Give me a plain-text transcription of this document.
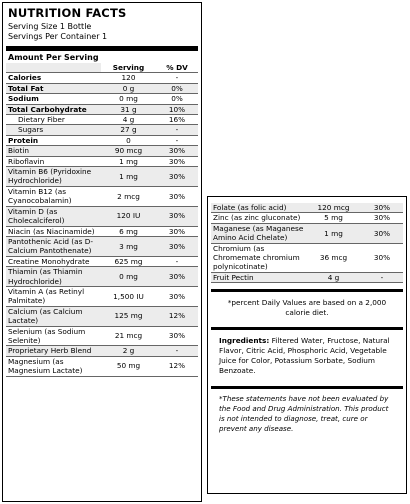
NUTRITION FACTS
Serving Size 1 Bottle
Servings Per Container 1
Amount Per Serving
	Serving	% DV
Calories	120	-
Total Fat	0 g	0%
Sodium	0 mg	0%
Total Carbohydrate	31 g	10%
Dietary Fiber	4 g	16%
Sugars	27 g	-
Protein	0	-
Biotin	90 mcg	30%
Riboflavin	1 mg	30%
Vitamin B6 (Pyridoxine Hydrochloride)	1 mg	30%
Vitamin B12 (as Cyanocobalamin)	2 mcg	30%
Vitamin D (as Cholecalciferol)	120 IU	30%
Niacin (as Niacinamide)	6 mg	30%
Pantothenic Acid (as D-Calcium Pantothenate)	3 mg	30%
Creatine Monohydrate	625 mg	-
Thiamin (as Thiamin Hydrochloride)	0 mg	30%
Vitamin A (as Retinyl Palmitate)	1,500 IU	30%
Calcium (as Calcium Lactate)	125 mg	12%
Selenium (as Sodium Selenite)	21 mcg	30%
Proprietary Herb Blend	2 g	-
Magnesium (as Magnesium Lactate)	50 mg	12%
Folate (as folic acid)	120 mcg	30%
Zinc (as zinc gluconate)	5 mg	30%
Maganese (as Maganese Amino Acid Chelate)	1 mg	30%
Chromium (as Chromemate chromium polynicotinate)	36 mcg	30%
Fruit Pectin	4 g	-
*percent Daily Values are based on a 2,000 calorie diet.
Ingredients: Filtered Water, Fructose, Natural Flavor, Citric Acid, Phosphoric Acid, Vegetable Juice for Color, Potassium Sorbate, Sodium Benzoate.
*These statements have not been evaluated by the Food and Drug Administration. This product is not intended to diagnose, treat, cure or prevent any disease.
